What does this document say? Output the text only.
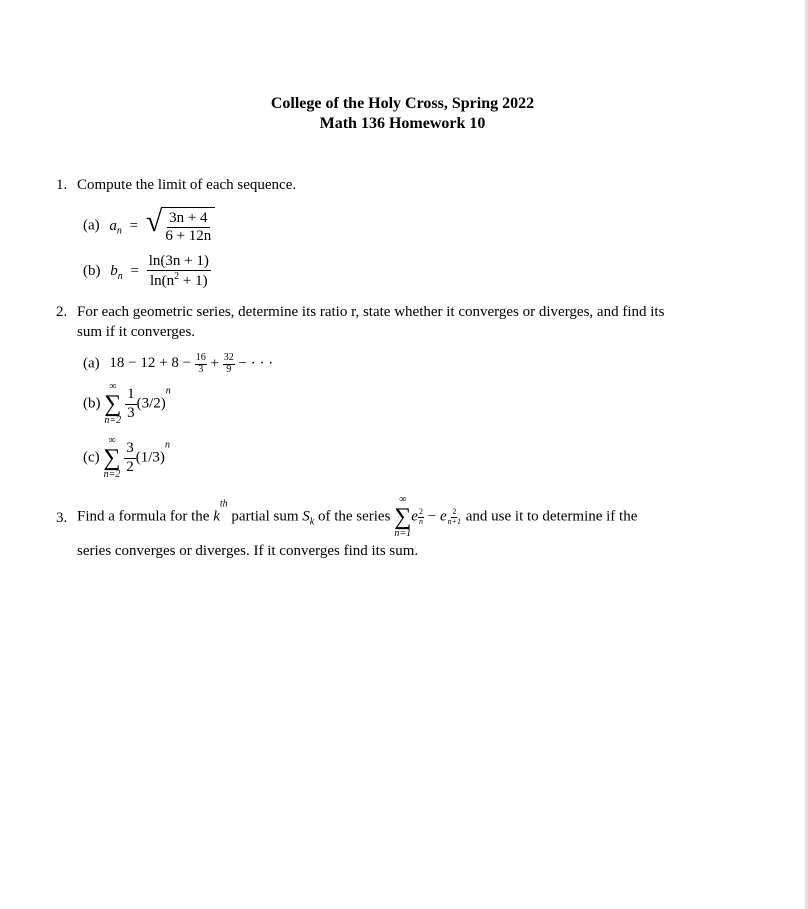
College of the Holy Cross, Spring 2022
Math 136 Homework 10
1. Compute the limit of each sequence.
(a) $a_n$ = √ $\frac{3n + 4}{6 + 12n}$
(b) $b_n = \frac{\ln(3n + 1)}{\ln(n^2 + 1)}$
2. For each geometric series, determine its ratio r, state whether it converges or diverges, and find its
sum if it converges.
(a) $18 - 12 + 8 - \frac{16}{3} + \frac{32}{9}$ − · · ·
(b)
∞
∑
n=2
$\frac{1}{3} (3/2)^n$
(c)
∞
∑
n=2
$\frac{3}{2} (1/3)^n$
3. Find a formula for the $k^{th}$ partial sum $S_k$ of the series
∞
∑
n=1
e $\frac{2}{n} - e \frac{2}{n+1}$ and use it to determine if the
series converges or diverges. If it converges find its sum.
